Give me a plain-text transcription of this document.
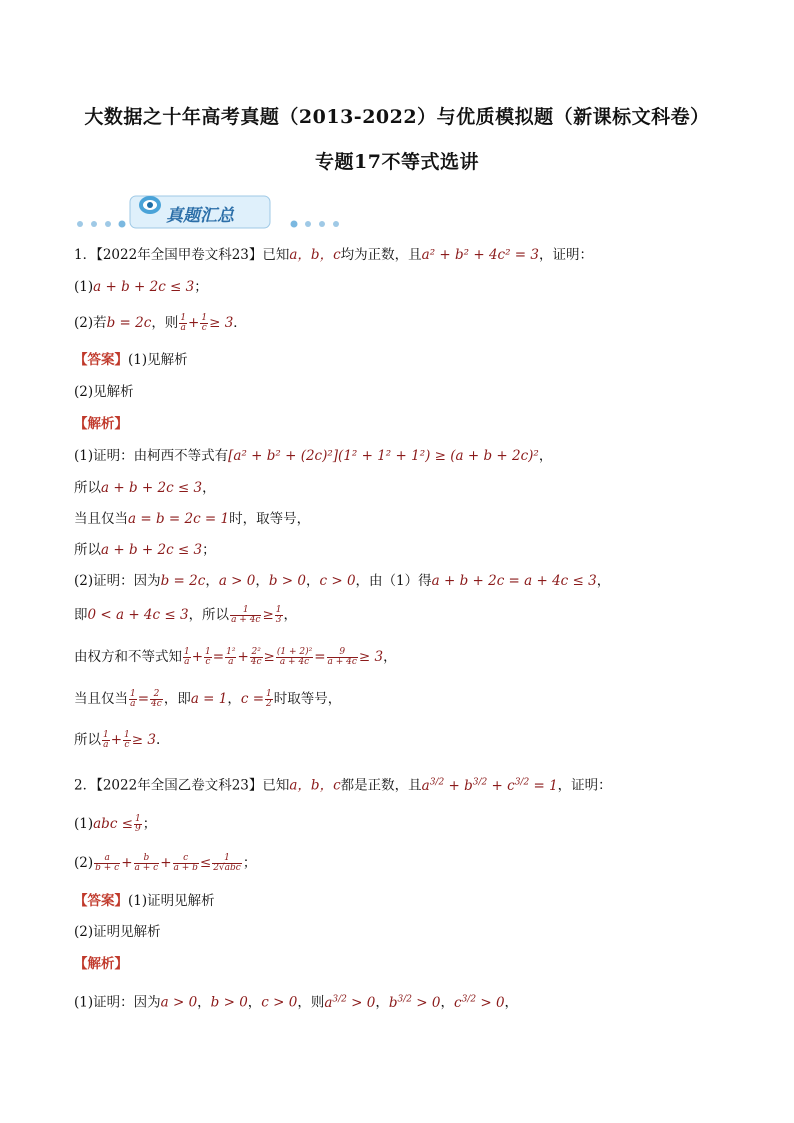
大数据之十年高考真题（2013-2022）与优质模拟题（新课标文科卷）
专题17不等式选讲
真题汇总
1．【2022年全国甲卷文科23】已知a，b，c均为正数，且a² + b² + 4c² = 3，证明：
(1)a + b + 2c ≤ 3；
(2)若b = 2c，则 $\frac{1}{a} + \frac{1}{c} \ge 3$．
【答案】(1)见解析
(2)见解析
【解析】
(1)证明：由柯西不等式有[a² + b² + (2c)²](1² + 1² + 1²) ≥ (a + b + 2c)²，
所以a + b + 2c ≤ 3，
当且仅当a = b = 2c = 1时，取等号，
所以a + b + 2c ≤ 3；
(2)证明：因为b = 2c，a > 0，b > 0，c > 0，由（1）得a + b + 2c = a + 4c ≤ 3，
即0 < a + 4c ≤ 3，所以 $\frac{1}{a + 4c} \ge \frac{1}{3}$ ，
由权方和不等式知 $\frac{1}{a} + \frac{1}{c} = \frac{\text{1²}}{a} + \frac{\text{2²}}{4c} \ge \frac{\text{(1 + 2)²}}{a + 4c} = \frac{9}{a + 4c} \ge 3$，
当且仅当 $\frac{1}{a} = \frac{2}{4c}$ ，即a = 1，$c = \frac{1}{2}$ 时取等号，
所以 $\frac{1}{a} + \frac{1}{c} \ge 3$.
2．【2022年全国乙卷文科23】已知a，b，c都是正数，且$a^{3/2} + b^{3/2} + c^{3/2} = 1$，证明：
$(1)abc \le \frac{1}{9}$ ；
$(2) \frac{a}{b + c} + \frac{b}{a + c} + \frac{c}{a + b} \le \frac{1}{\text{2√abc}}$ ；
【答案】(1)证明见解析
(2)证明见解析
【解析】
(1)证明：因为a > 0，b > 0，c > 0，则$a^{3/2} > 0$，$b^{3/2} > 0$，$c^{3/2} > 0$，
